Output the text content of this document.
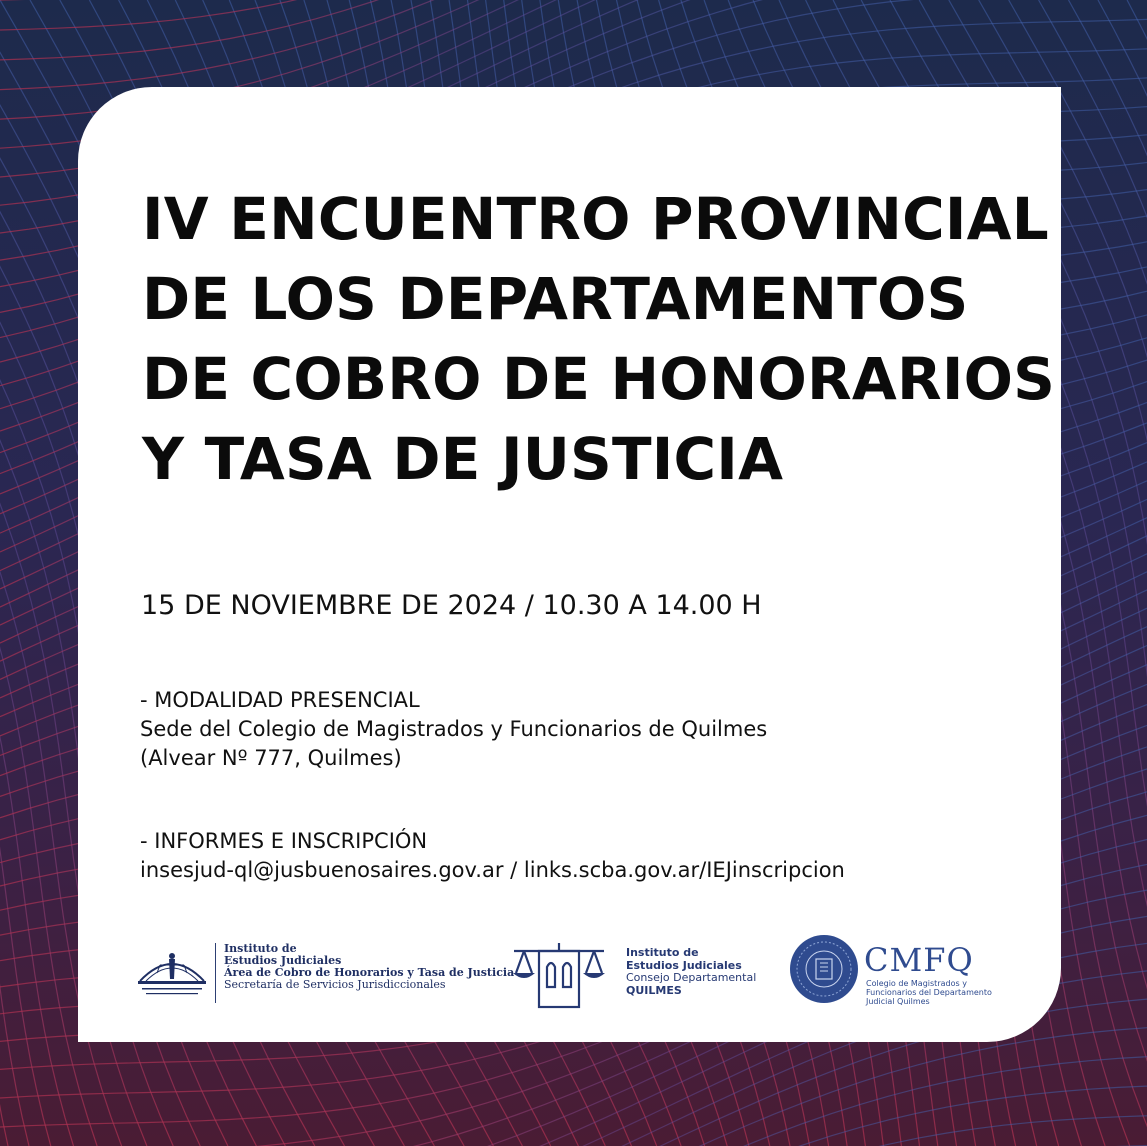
IV ENCUENTRO PROVINCIAL
DE LOS DEPARTAMENTOS
DE COBRO DE HONORARIOS
Y TASA DE JUSTICIA

15 DE NOVIEMBRE DE 2024 / 10.30 A 14.00 H

- MODALIDAD PRESENCIAL
Sede del Colegio de Magistrados y Funcionarios de Quilmes
(Alvear Nº 777, Quilmes)
- INFORMES E INSCRIPCIÓN
insesjud-ql@jusbuenosaires.gov.ar / links.scba.gov.ar/IEJinscripcion
Instituto de
Estudios Judiciales
Área de Cobro de Honorarios y Tasa de Justicia
Secretaría de Servicios Jurisdiccionales
Instituto de
Estudios Judiciales
Consejo Departamental
QUILMES
CMFQ
Colegio de Magistrados y
Funcionarios del Departamento
Judicial Quilmes
